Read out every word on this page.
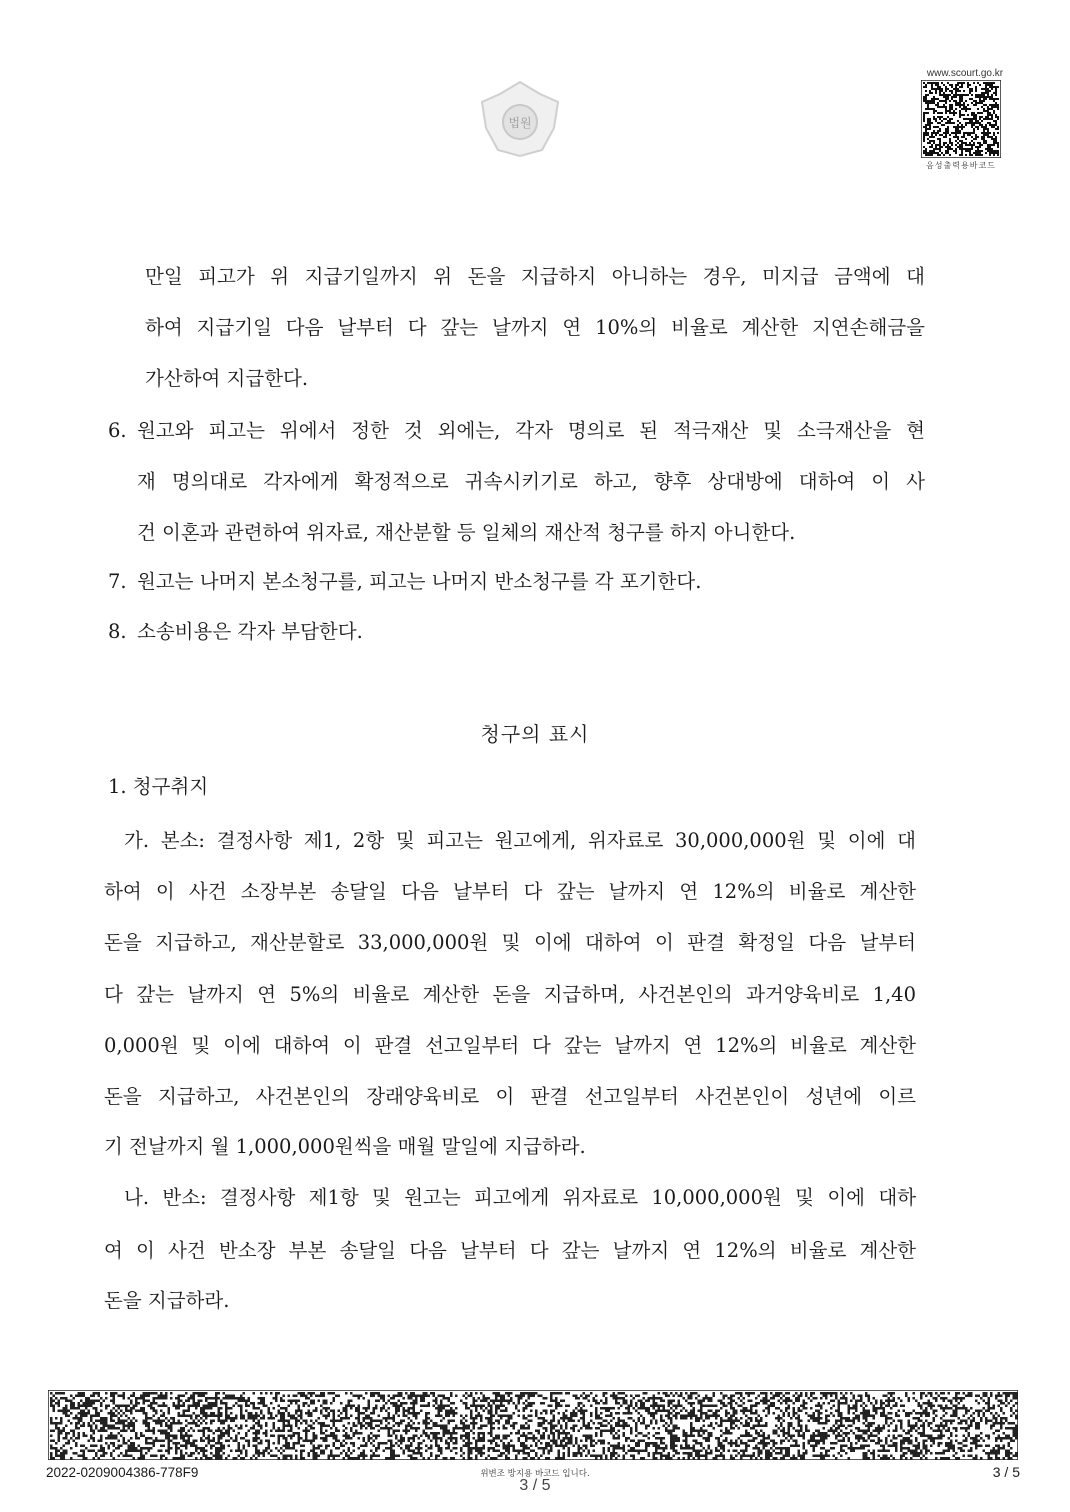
법원
www.scourt.go.kr
음성출력용바코드
만일 피고가 위 지급기일까지 위 돈을 지급하지 아니하는 경우, 미지급 금액에 대
하여 지급기일 다음 날부터 다 갚는 날까지 연 10%의 비율로 계산한 지연손해금을
가산하여 지급한다.
6. 원고와 피고는 위에서 정한 것 외에는, 각자 명의로 된 적극재산 및 소극재산을 현
재 명의대로 각자에게 확정적으로 귀속시키기로 하고, 향후 상대방에 대하여 이 사
건 이혼과 관련하여 위자료, 재산분할 등 일체의 재산적 청구를 하지 아니한다.
7. 원고는 나머지 본소청구를, 피고는 나머지 반소청구를 각 포기한다.
8. 소송비용은 각자 부담한다.
청구의 표시
1. 청구취지
가. 본소: 결정사항 제1, 2항 및 피고는 원고에게, 위자료로 30,000,000원 및 이에 대
하여 이 사건 소장부본 송달일 다음 날부터 다 갚는 날까지 연 12%의 비율로 계산한
돈을 지급하고, 재산분할로 33,000,000원 및 이에 대하여 이 판결 확정일 다음 날부터
다 갚는 날까지 연 5%의 비율로 계산한 돈을 지급하며, 사건본인의 과거양육비로 1,40
0,000원 및 이에 대하여 이 판결 선고일부터 다 갚는 날까지 연 12%의 비율로 계산한
돈을 지급하고, 사건본인의 장래양육비로 이 판결 선고일부터 사건본인이 성년에 이르
기 전날까지 월 1,000,000원씩을 매월 말일에 지급하라.
나. 반소: 결정사항 제1항 및 원고는 피고에게 위자료로 10,000,000원 및 이에 대하
여 이 사건 반소장 부본 송달일 다음 날부터 다 갚는 날까지 연 12%의 비율로 계산한
돈을 지급하라.
2022-0209004386-778F9	위변조 방지용 바코드 입니다.
3 / 5
3 / 5
